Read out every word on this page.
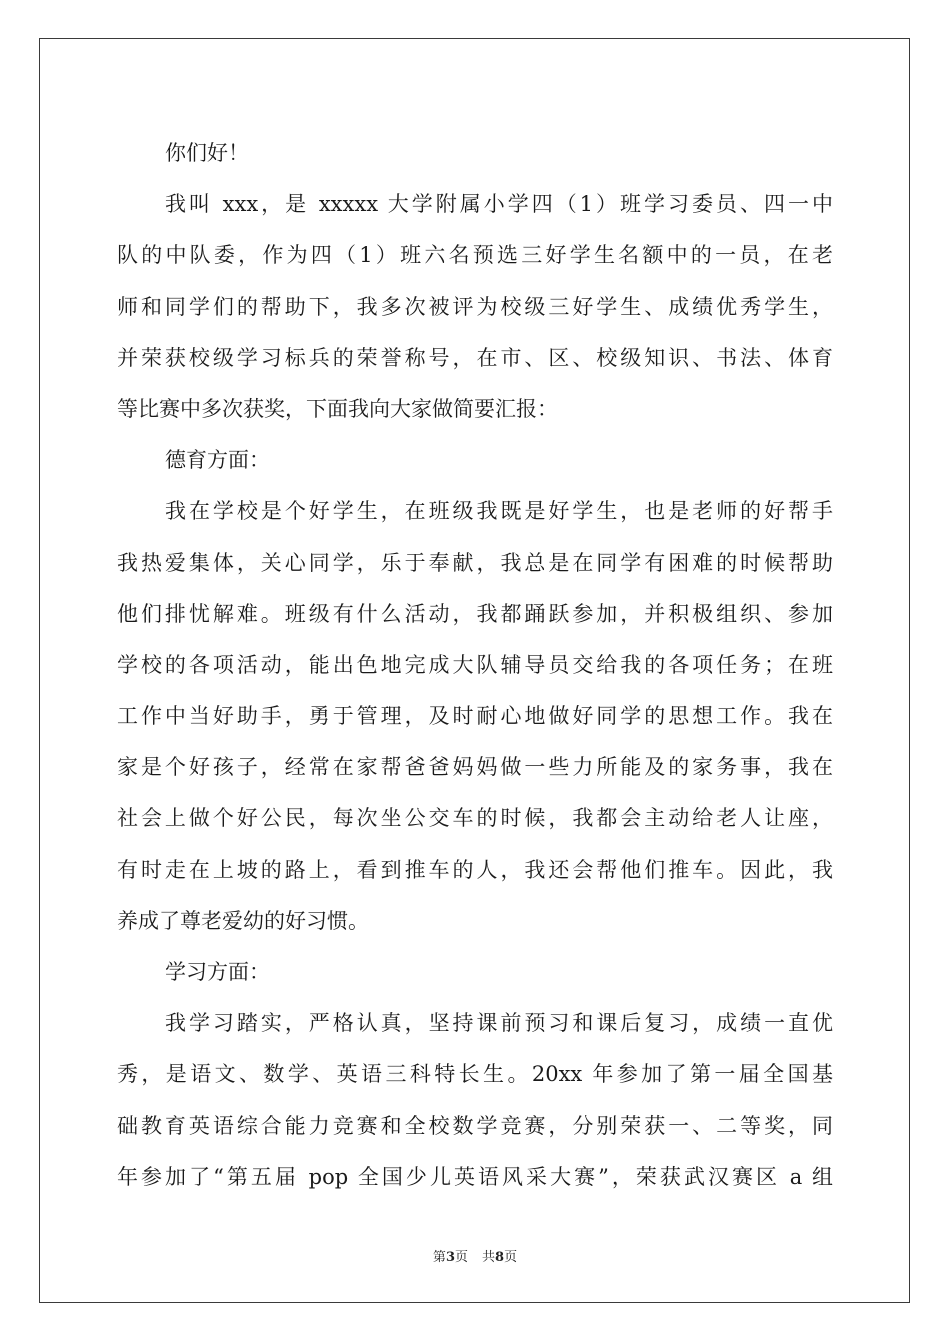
你们好！
我叫 xxx，是 xxxxx 大学附属小学四（1）班学习委员、四一中
队的中队委，作为四（1）班六名预选三好学生名额中的一员，在老
师和同学们的帮助下，我多次被评为校级三好学生、成绩优秀学生，
并荣获校级学习标兵的荣誉称号，在市、区、校级知识、书法、体育
等比赛中多次获奖，下面我向大家做简要汇报：
德育方面：
我在学校是个好学生，在班级我既是好学生，也是老师的好帮手
我热爱集体，关心同学，乐于奉献，我总是在同学有困难的时候帮助
他们排忧解难。班级有什么活动，我都踊跃参加，并积极组织、参加
学校的各项活动，能出色地完成大队辅导员交给我的各项任务；在班
工作中当好助手，勇于管理，及时耐心地做好同学的思想工作。我在
家是个好孩子，经常在家帮爸爸妈妈做一些力所能及的家务事，我在
社会上做个好公民，每次坐公交车的时候，我都会主动给老人让座，
有时走在上坡的路上，看到推车的人，我还会帮他们推车。因此，我
养成了尊老爱幼的好习惯。
学习方面：
我学习踏实，严格认真，坚持课前预习和课后复习，成绩一直优
秀，是语文、数学、英语三科特长生。20xx 年参加了第一届全国基
础教育英语综合能力竞赛和全校数学竞赛，分别荣获一、二等奖，同
年参加了“第五届 pop 全国少儿英语风采大赛”，荣获武汉赛区 a 组
第3页 共8页
